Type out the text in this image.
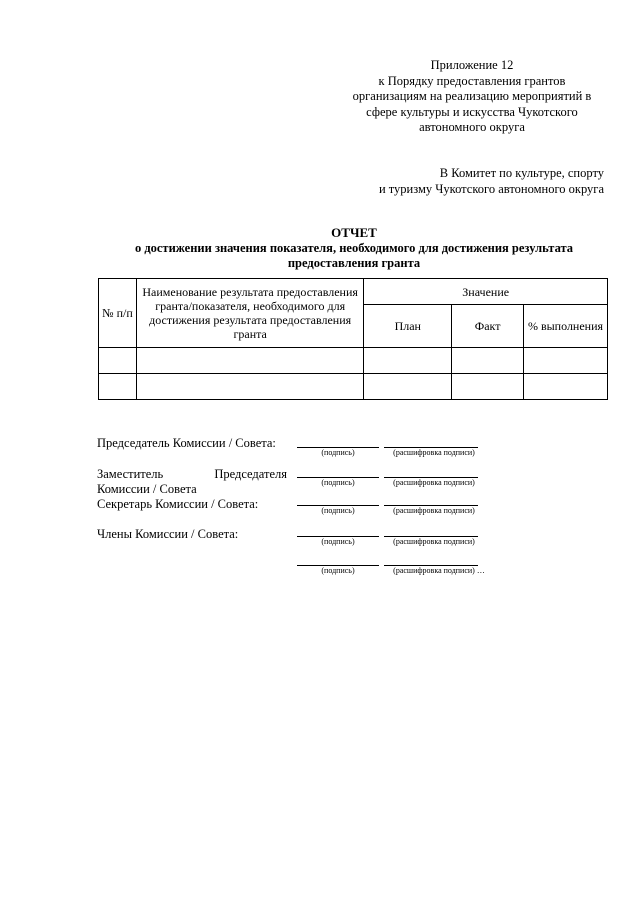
Приложение 12
к Порядку предоставления грантов
организациям на реализацию мероприятий в
сфере культуры и искусства Чукотского
автономного округа
В Комитет по культуре, спорту
и туризму Чукотского автономного округа
ОТЧЕТ
о достижении значения показателя, необходимого для достижения результата предоставления гранта
№ п/п	Наименование результата предоставления гранта/показателя, необходимого для достижения результата предоставления гранта	Значение		
		План	Факт	% выполнения

Председатель Комиссии / Совета:
(подпись)	(расшифровка подписи)
Заместитель	Председателя
Комиссии / Совета	(подпись)	(расшифровка подписи)
Секретарь Комиссии / Совета:	(подпись)	(расшифровка подписи)
Члены Комиссии / Совета:
(подпись)	(расшифровка подписи)
(подпись)	(расшифровка подписи) …
